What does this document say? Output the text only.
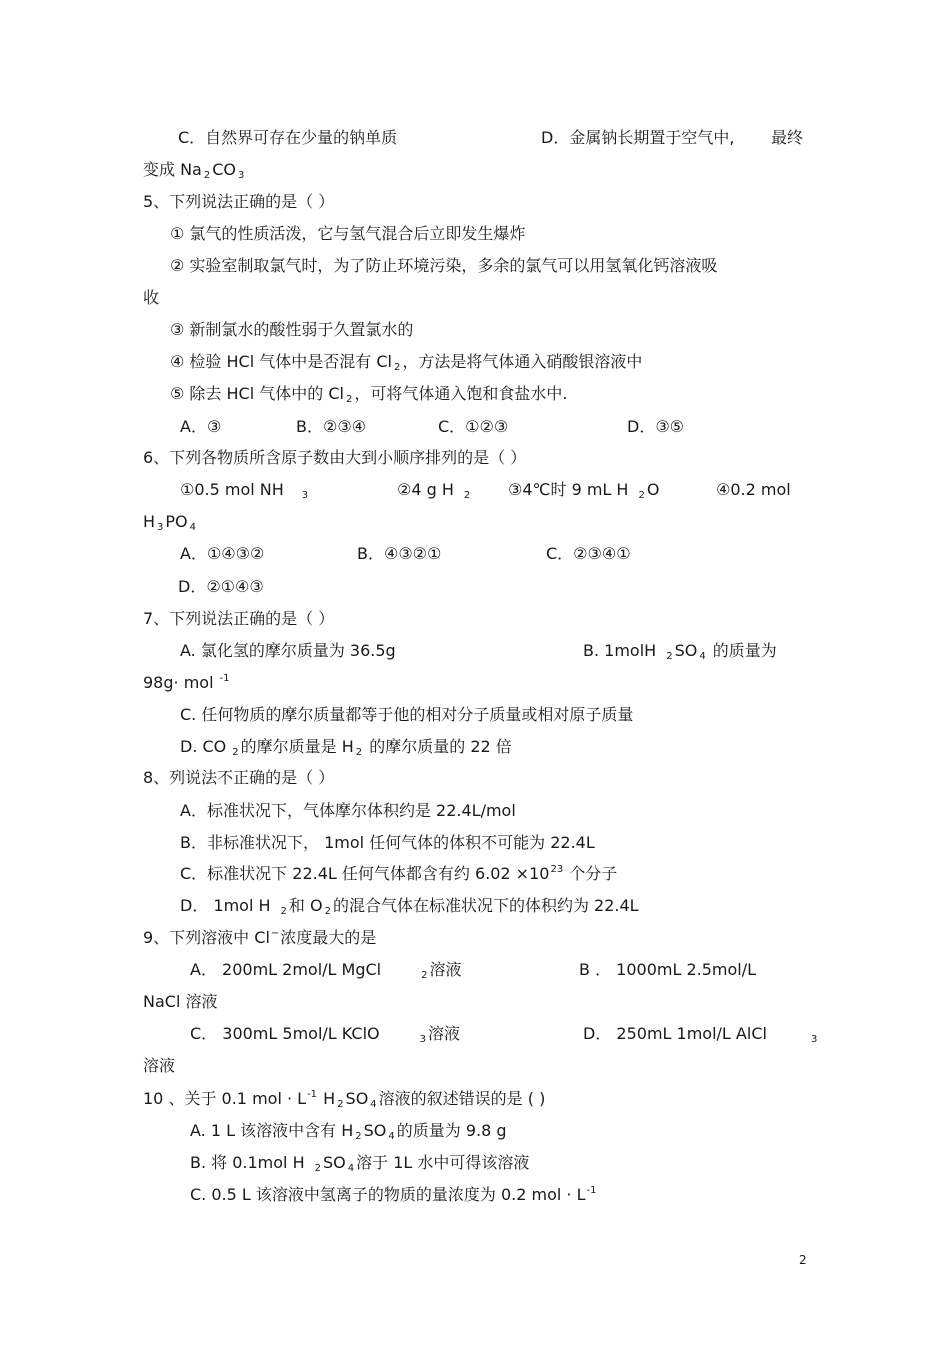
C．自然界可存在少量的钠单质	D．金属钠长期置于空气中, 最终
变成 Na 2 CO 3
5、下列说法正确的是（ ）
① 氯气的性质活泼，它与氢气混合后立即发生爆炸
② 实验室制取氯气时，为了防止环境污染，多余的氯气可以用氢氧化钙溶液吸
收
③ 新制氯水的酸性弱于久置氯水的
④ 检验 HCl 气体中是否混有 Cl 2 ，方法是将气体通入硝酸银溶液中
⑤ 除去 HCl 气体中的 Cl 2 ，可将气体通入饱和食盐水中.
A．③	B．②③④	C．①②③	D．③⑤
6、下列各物质所含原子数由大到小顺序排列的是（ ）
①0.5 mol NH 3	②4 g H 2 ③4℃时 9 mL H 2 O	④0.2 mol
H 3 PO 4
A．①④③②	B．④③②①	C．②③④①
D．②①④③
7、下列说法正确的是（ ）
A. 氯化氢的摩尔质量为 36.5g	B. 1molH 2 SO 4 的质量为
98g· mol $^{-1}$
C. 任何物质的摩尔质量都等于他的相对分子质量或相对原子质量
D. CO 2 的摩尔质量是 H 2 的摩尔质量的 22 倍
8、列说法不正确的是（ ）
A．标准状况下，气体摩尔体积约是 22.4L/mol
B．非标准状况下， 1mol 任何气体的体积不可能为 22.4L
C．标准状况下 22.4L 任何气体都含有约 $6.02 \times 10^{23}$ 个分子
D． 1mol H 2 和 O 2 的混合气体在标准状况下的体积约为 22.4L
9、下列溶液中 Cl−浓度最大的是
A． 200mL 2mol/L MgCl	2 溶液	B ． 1000mL 2.5mol/L
NaCl 溶液
C． 300mL 5mol/L KClO	3 溶液	D． 250mL 1mol/L AlCl	3
溶液
10 、关于 0.1 mol · $L^{-1}$ H 2 SO 4 溶液的叙述错误的是 ( )
A. 1 L 该溶液中含有 H 2 SO 4 的质量为 9.8 g
B. 将 0.1mol H 2 SO 4 溶于 1L 水中可得该溶液
C. 0.5 L 该溶液中氢离子的物质的量浓度为 0.2 mol · $L^{-1}$
2
